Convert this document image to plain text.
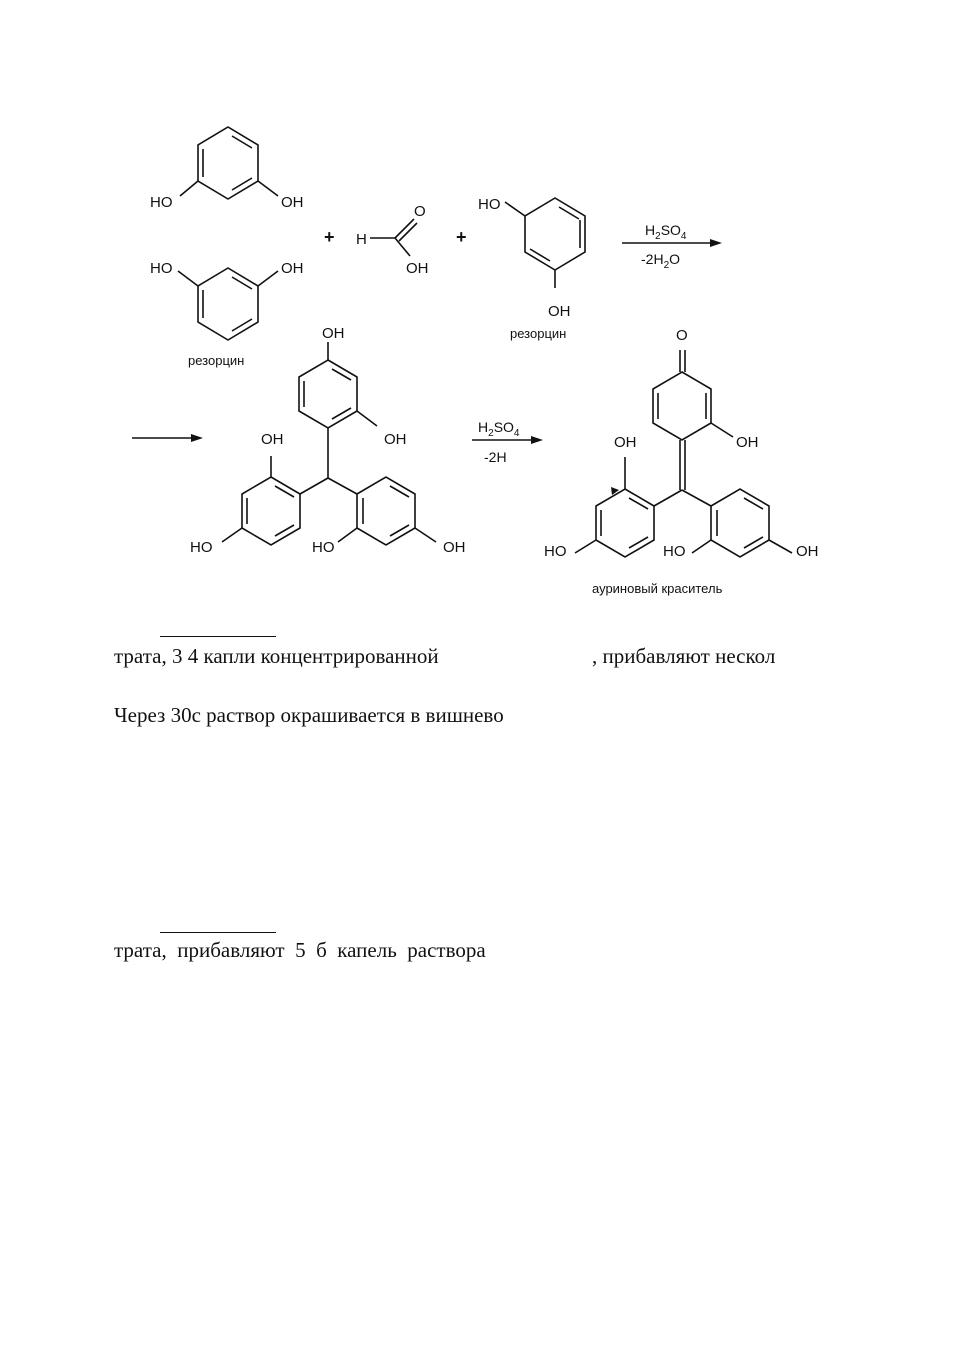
HO	OH
HO	OH
резорцин
+ H
O
OH
+
HO
OH
резорцин
$H_2SO_4$
$-2H_2O$
OH
OH
OH
HO	HO	OH
$H_2SO_4$
-2H
O
OH
OH
HO	HO	OH
ауриновый краситель

трата, 3 4 капли концентрированной	, прибавляют нескол

Через 30с раствор окрашивается в вишнево

трата,  прибавляют  5  б  капель  раствора
